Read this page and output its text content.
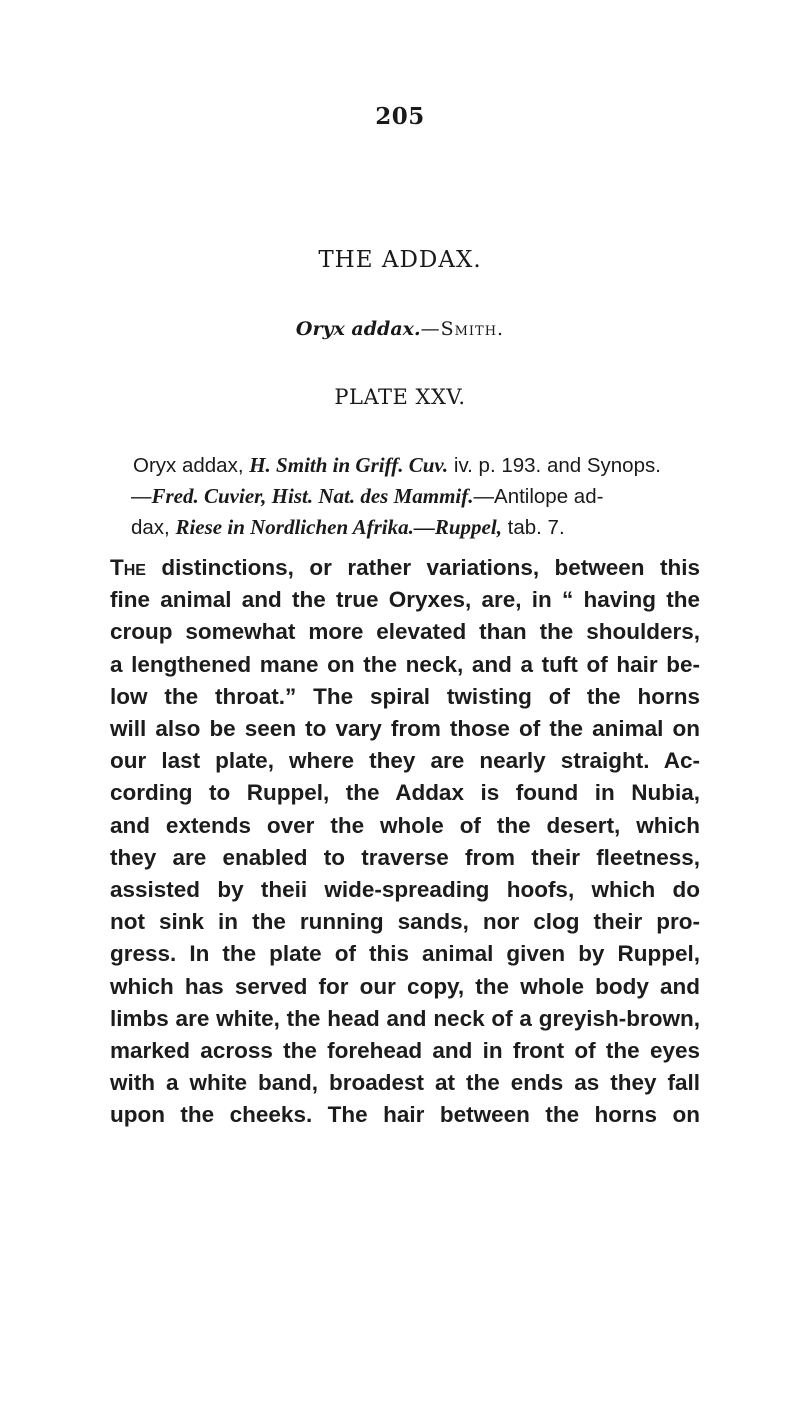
205
THE ADDAX.
Oryx addax.—Smith.
PLATE XXV.
Oryx addax, H. Smith in Griff. Cuv. iv. p. 193. and Synops.
—Fred. Cuvier, Hist. Nat. des Mammif.—Antilope ad-
dax, Riese in Nordlichen Afrika.—Ruppel, tab. 7.
The distinctions, or rather variations, between this
fine animal and the true Oryxes, are, in “ having the
croup somewhat more elevated than the shoulders,
a lengthened mane on the neck, and a tuft of hair be-
low the throat.” The spiral twisting of the horns
will also be seen to vary from those of the animal on
our last plate, where they are nearly straight. Ac-
cording to Ruppel, the Addax is found in Nubia,
and extends over the whole of the desert, which
they are enabled to traverse from their fleetness,
assisted by theii wide-spreading hoofs, which do
not sink in the running sands, nor clog their pro-
gress. In the plate of this animal given by Ruppel,
which has served for our copy, the whole body and
limbs are white, the head and neck of a greyish-brown,
marked across the forehead and in front of the eyes
with a white band, broadest at the ends as they fall
upon the cheeks. The hair between the horns on
